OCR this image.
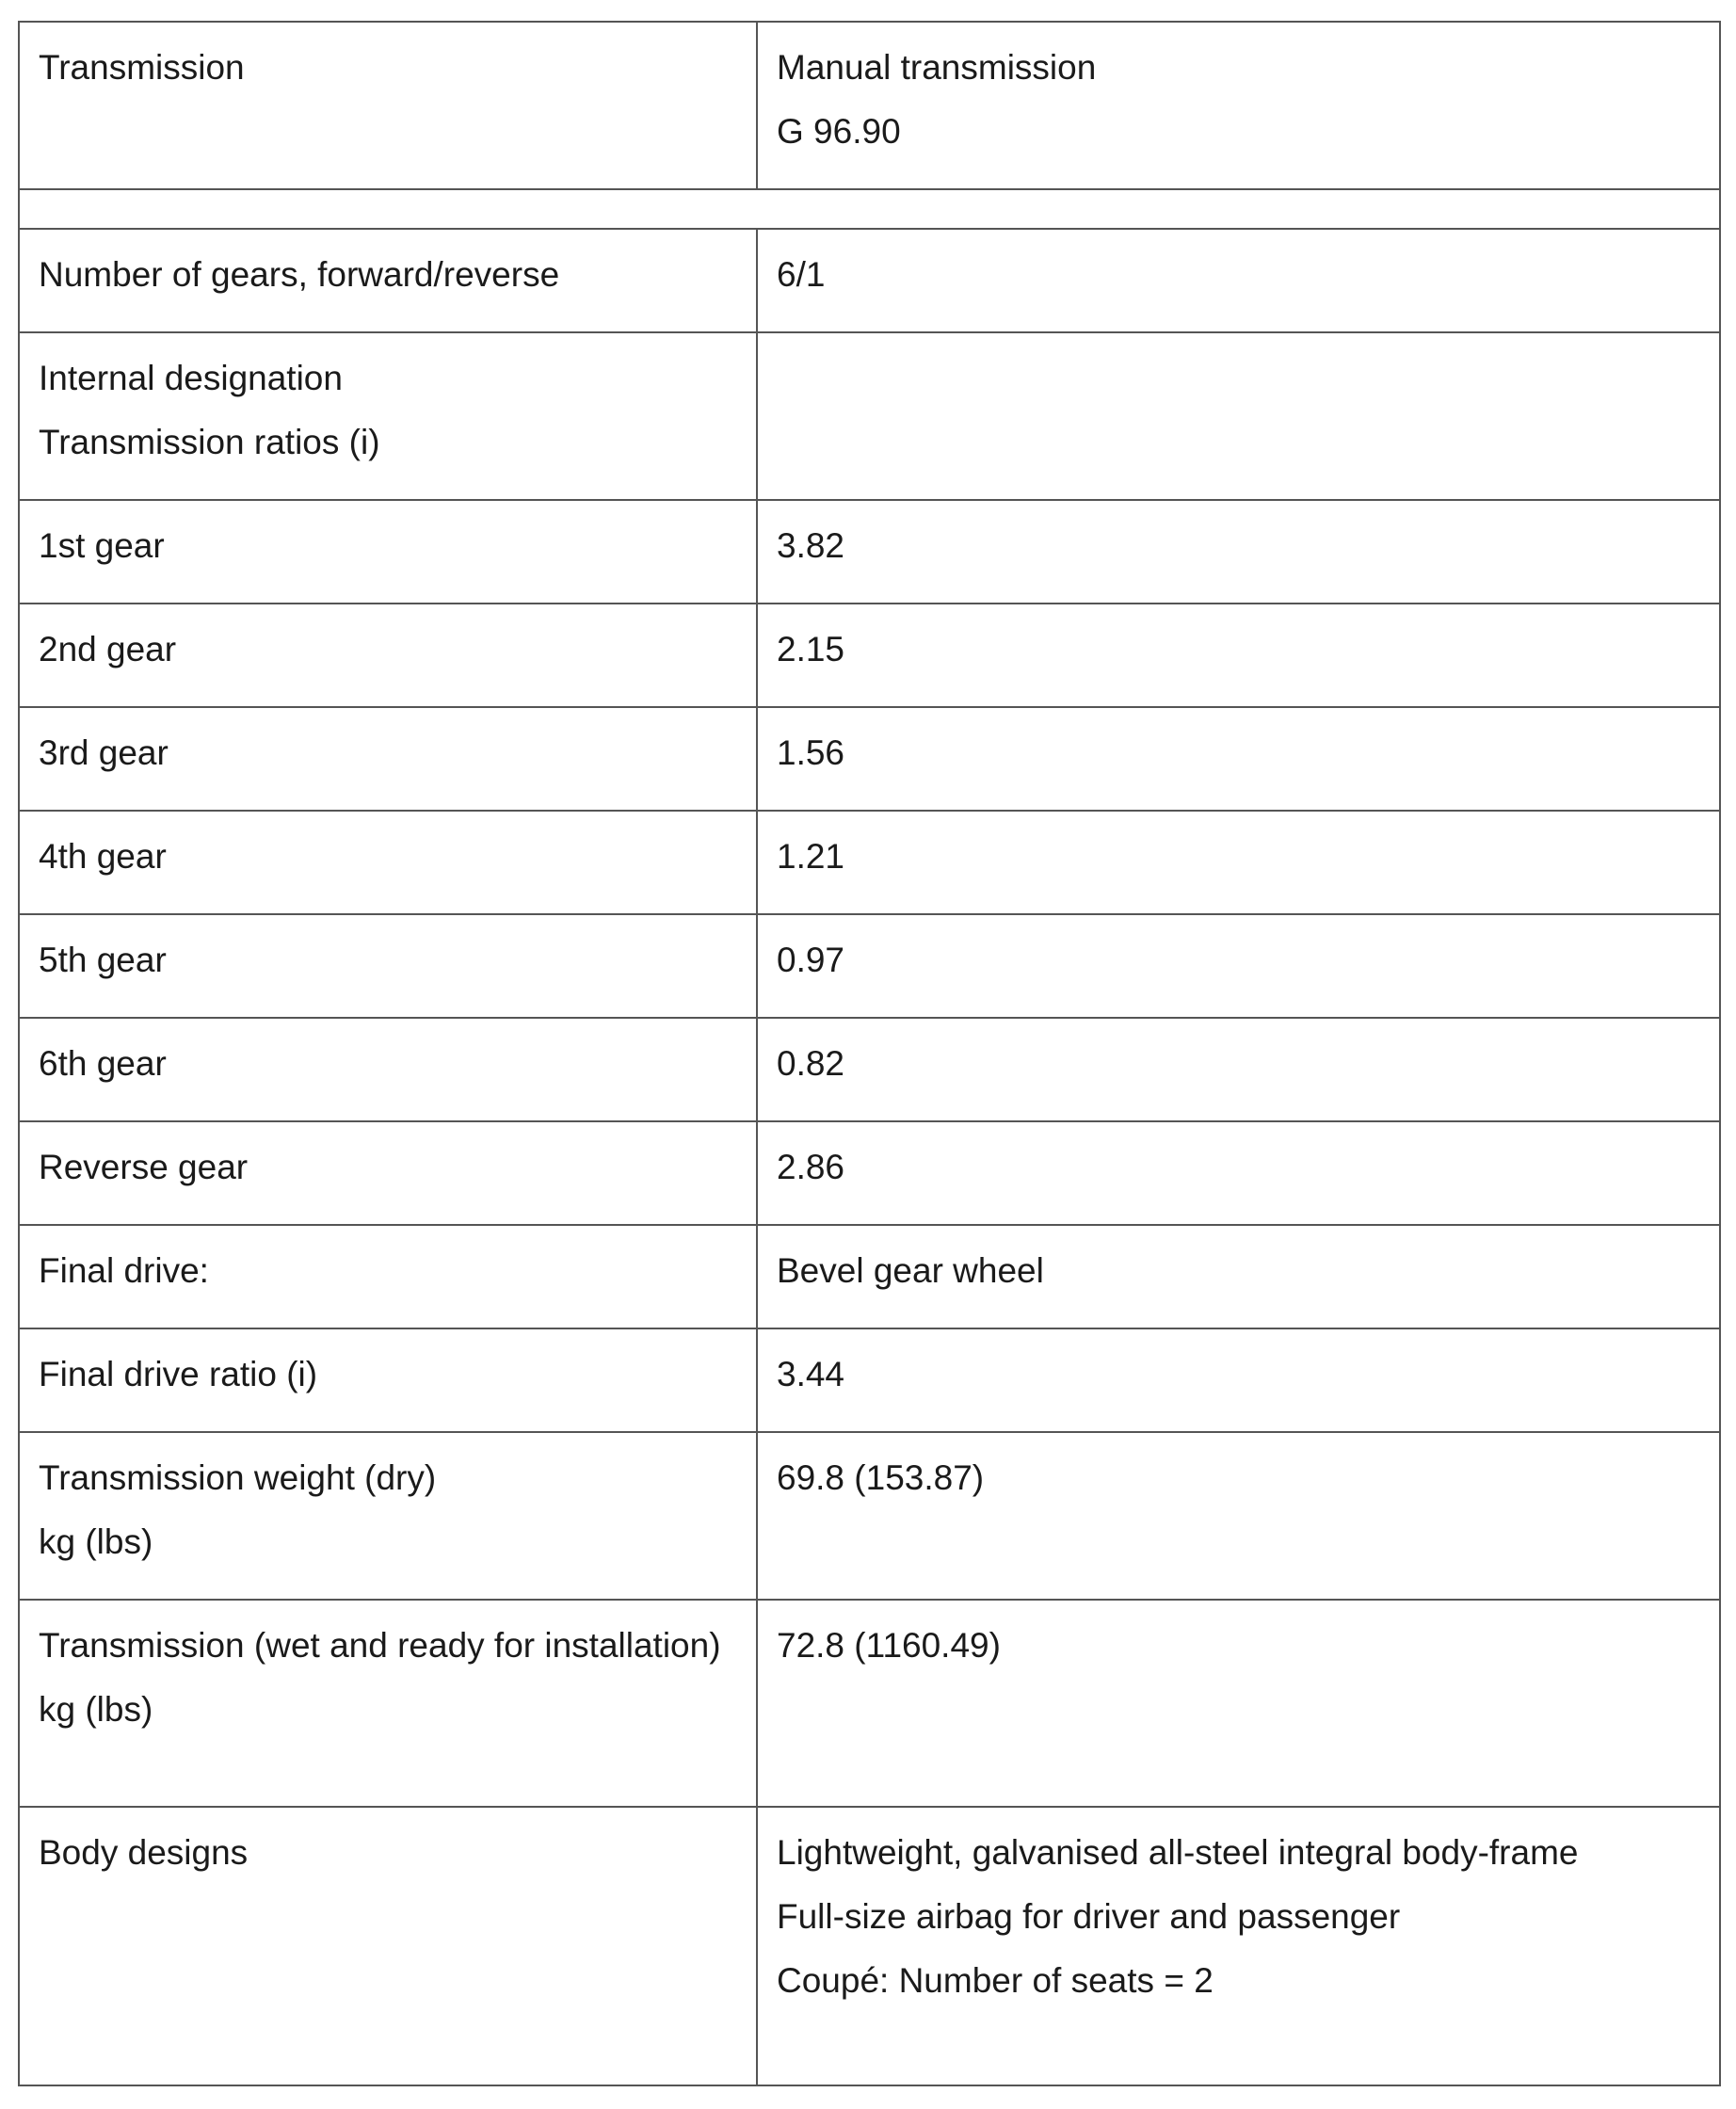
Transmission	Manual transmission
G 96.90

Number of gears, forward/reverse	6/1

Internal designation
Transmission ratios (i)	

1st gear	3.82

2nd gear	2.15

3rd gear	1.56

4th gear	1.21

5th gear	0.97

6th gear	0.82

Reverse gear	2.86

Final drive:	Bevel gear wheel

Final drive ratio (i)	3.44

Transmission weight (dry)
kg (lbs)	69.8 (153.87)

Transmission (wet and ready for installation)
kg (lbs)	72.8 (1160.49)

Body designs	Lightweight, galvanised all-steel integral body-frame
Full-size airbag for driver and passenger
Coupé: Number of seats = 2
